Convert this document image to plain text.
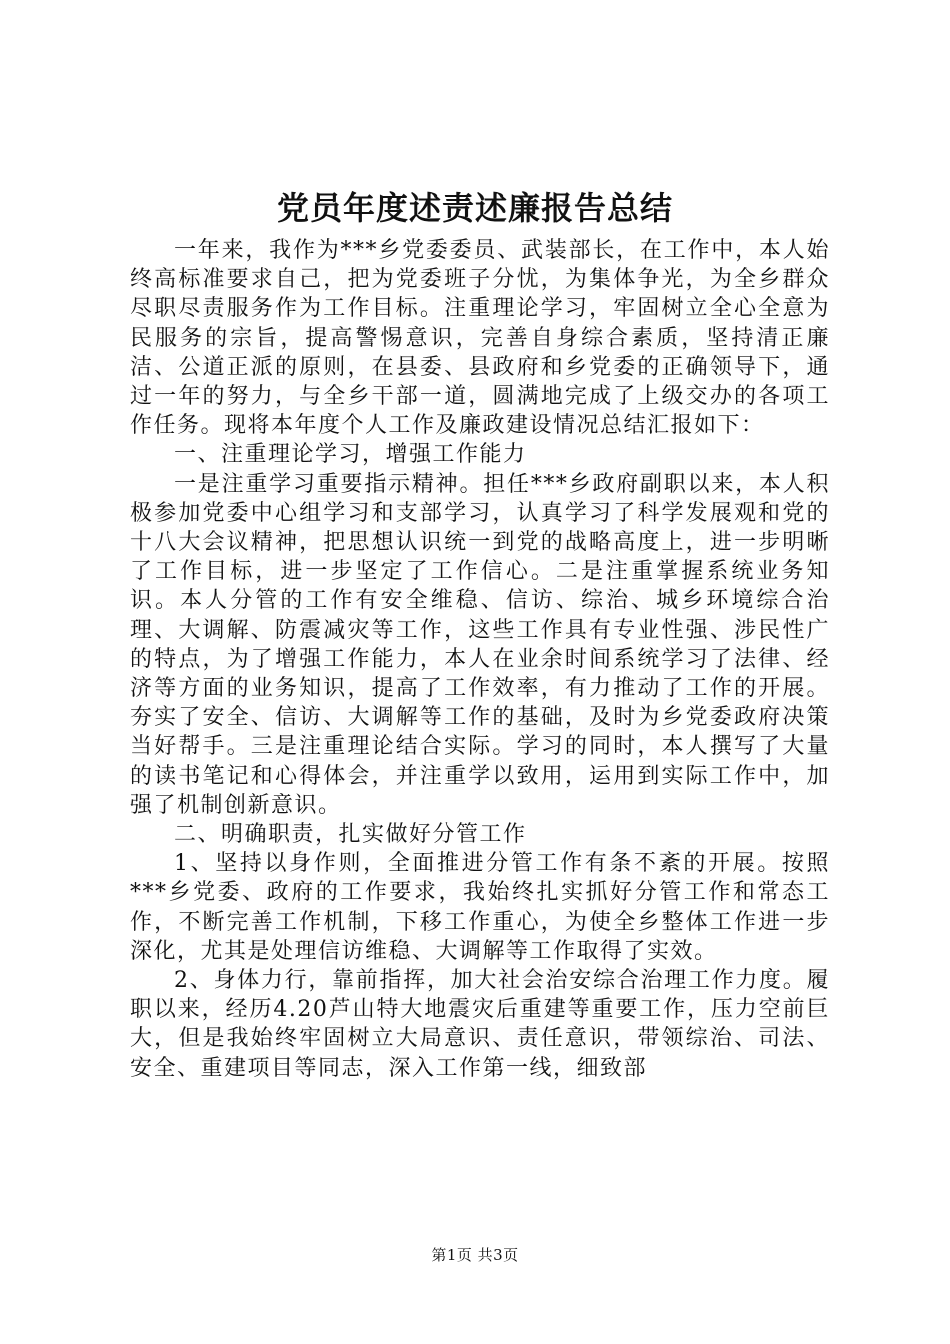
党员年度述责述廉报告总结

一年来，我作为***乡党委委员、武装部长，在工作中，本人始终高标准要求自己，把为党委班子分忧，为集体争光，为全乡群众尽职尽责服务作为工作目标。注重理论学习，牢固树立全心全意为民服务的宗旨，提高警惕意识，完善自身综合素质，坚持清正廉洁、公道正派的原则，在县委、县政府和乡党委的正确领导下，通过一年的努力，与全乡干部一道，圆满地完成了上级交办的各项工作任务。现将本年度个人工作及廉政建设情况总结汇报如下：

一、注重理论学习，增强工作能力

一是注重学习重要指示精神。担任***乡政府副职以来，本人积极参加党委中心组学习和支部学习，认真学习了科学发展观和党的十八大会议精神，把思想认识统一到党的战略高度上，进一步明晰了工作目标，进一步坚定了工作信心。二是注重掌握系统业务知识。本人分管的工作有安全维稳、信访、综治、城乡环境综合治理、大调解、防震减灾等工作，这些工作具有专业性强、涉民性广的特点，为了增强工作能力，本人在业余时间系统学习了法律、经济等方面的业务知识，提高了工作效率，有力推动了工作的开展。夯实了安全、信访、大调解等工作的基础，及时为乡党委政府决策当好帮手。三是注重理论结合实际。学习的同时，本人撰写了大量的读书笔记和心得体会，并注重学以致用，运用到实际工作中，加强了机制创新意识。

二、明确职责，扎实做好分管工作

1、坚持以身作则，全面推进分管工作有条不紊的开展。按照***乡党委、政府的工作要求，我始终扎实抓好分管工作和常态工作，不断完善工作机制，下移工作重心，为使全乡整体工作进一步深化，尤其是处理信访维稳、大调解等工作取得了实效。

2、身体力行，靠前指挥，加大社会治安综合治理工作力度。履职以来，经历4.20芦山特大地震灾后重建等重要工作，压力空前巨大，但是我始终牢固树立大局意识、责任意识，带领综治、司法、安全、重建项目等同志，深入工作第一线，细致部

第1页 共3页
